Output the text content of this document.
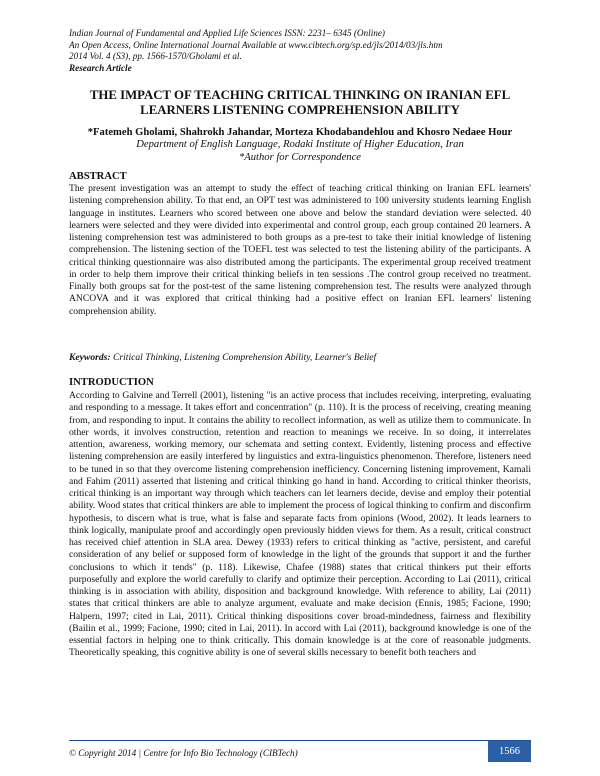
Indian Journal of Fundamental and Applied Life Sciences ISSN: 2231– 6345 (Online)
An Open Access, Online International Journal Available at www.cibtech.org/sp.ed/jls/2014/03/jls.htm
2014 Vol. 4 (S3), pp. 1566-1570/Gholami et al.
Research Article
THE IMPACT OF TEACHING CRITICAL THINKING ON IRANIAN EFL
LEARNERS LISTENING COMPREHENSION ABILITY
*Fatemeh Gholami, Shahrokh Jahandar, Morteza Khodabandehlou and Khosro Nedaee Hour
Department of English Language, Rodaki Institute of Higher Education, Iran
*Author for Correspondence
ABSTRACT

The present investigation was an attempt to study the effect of teaching critical thinking on Iranian EFL learners' listening comprehension ability. To that end, an OPT test was administered to 100 university students learning English language in institutes. Learners who scored between one above and below the standard deviation were selected. 40 learners were selected and they were divided into experimental and control group, each group contained 20 learners. A listening comprehension test was administered to both groups as a pre-test to take their initial knowledge of listening comprehension. The listening section of the TOEFL test was selected to test the listening ability of the participants. A critical thinking questionnaire was also distributed among the participants. The experimental group received treatment in order to help them improve their critical thinking beliefs in ten sessions .The control group received no treatment. Finally both groups sat for the post-test of the same listening comprehension test. The results were analyzed through ANCOVA and it was explored that critical thinking had a positive effect on Iranian EFL learners' listening comprehension ability.

Keywords: Critical Thinking, Listening Comprehension Ability, Learner's Belief
INTRODUCTION

According to Galvine and Terrell (2001), listening "is an active process that includes receiving, interpreting, evaluating and responding to a message. It takes effort and concentration" (p. 110). It is the process of receiving, creating meaning from, and responding to input. It contains the ability to recollect information, as well as utilize them to communicate. In other words, it involves construction, retention and reaction to meanings we receive. In so doing, it interrelates attention, awareness, working memory, our schemata and setting context. Evidently, listening process and effective listening comprehension are easily interfered by linguistics and extra-linguistics phenomenon. Therefore, listeners need to be tuned in so that they overcome listening comprehension inefficiency. Concerning listening improvement, Kamali and Fahim (2011) asserted that listening and critical thinking go hand in hand. According to critical thinker theorists, critical thinking is an important way through which teachers can let learners decide, devise and employ their potential ability. Wood states that critical thinkers are able to implement the process of logical thinking to confirm and disconfirm hypothesis, to discern what is true, what is false and separate facts from opinions (Wood, 2002). It leads learners to think logically, manipulate proof and accordingly open previously hidden views for them. As a result, critical construct has received chief attention in SLA area. Dewey (1933) refers to critical thinking as "active, persistent, and careful consideration of any belief or supposed form of knowledge in the light of the grounds that support it and the further conclusions to which it tends" (p. 118). Likewise, Chafee (1988) states that critical thinkers put their efforts purposefully and explore the world carefully to clarify and optimize their perception. According to Lai (2011), critical thinking is in association with ability, disposition and background knowledge. With reference to ability, Lai (2011) states that critical thinkers are able to analyze argument, evaluate and make decision (Ennis, 1985; Facione, 1990; Halpern, 1997; cited in Lai, 2011). Critical thinking dispositions cover broad-mindedness, fairness and flexibility (Bailin et al., 1999; Facione, 1990; cited in Lai, 2011). In accord with Lai (2011), background knowledge is one of the essential factors in helping one to think critically. This domain knowledge is at the core of reasonable judgments. Theoretically speaking, this cognitive ability is one of several skills necessary to benefit both teachers and

© Copyright 2014 | Centre for Info Bio Technology (CIBTech)	1566
